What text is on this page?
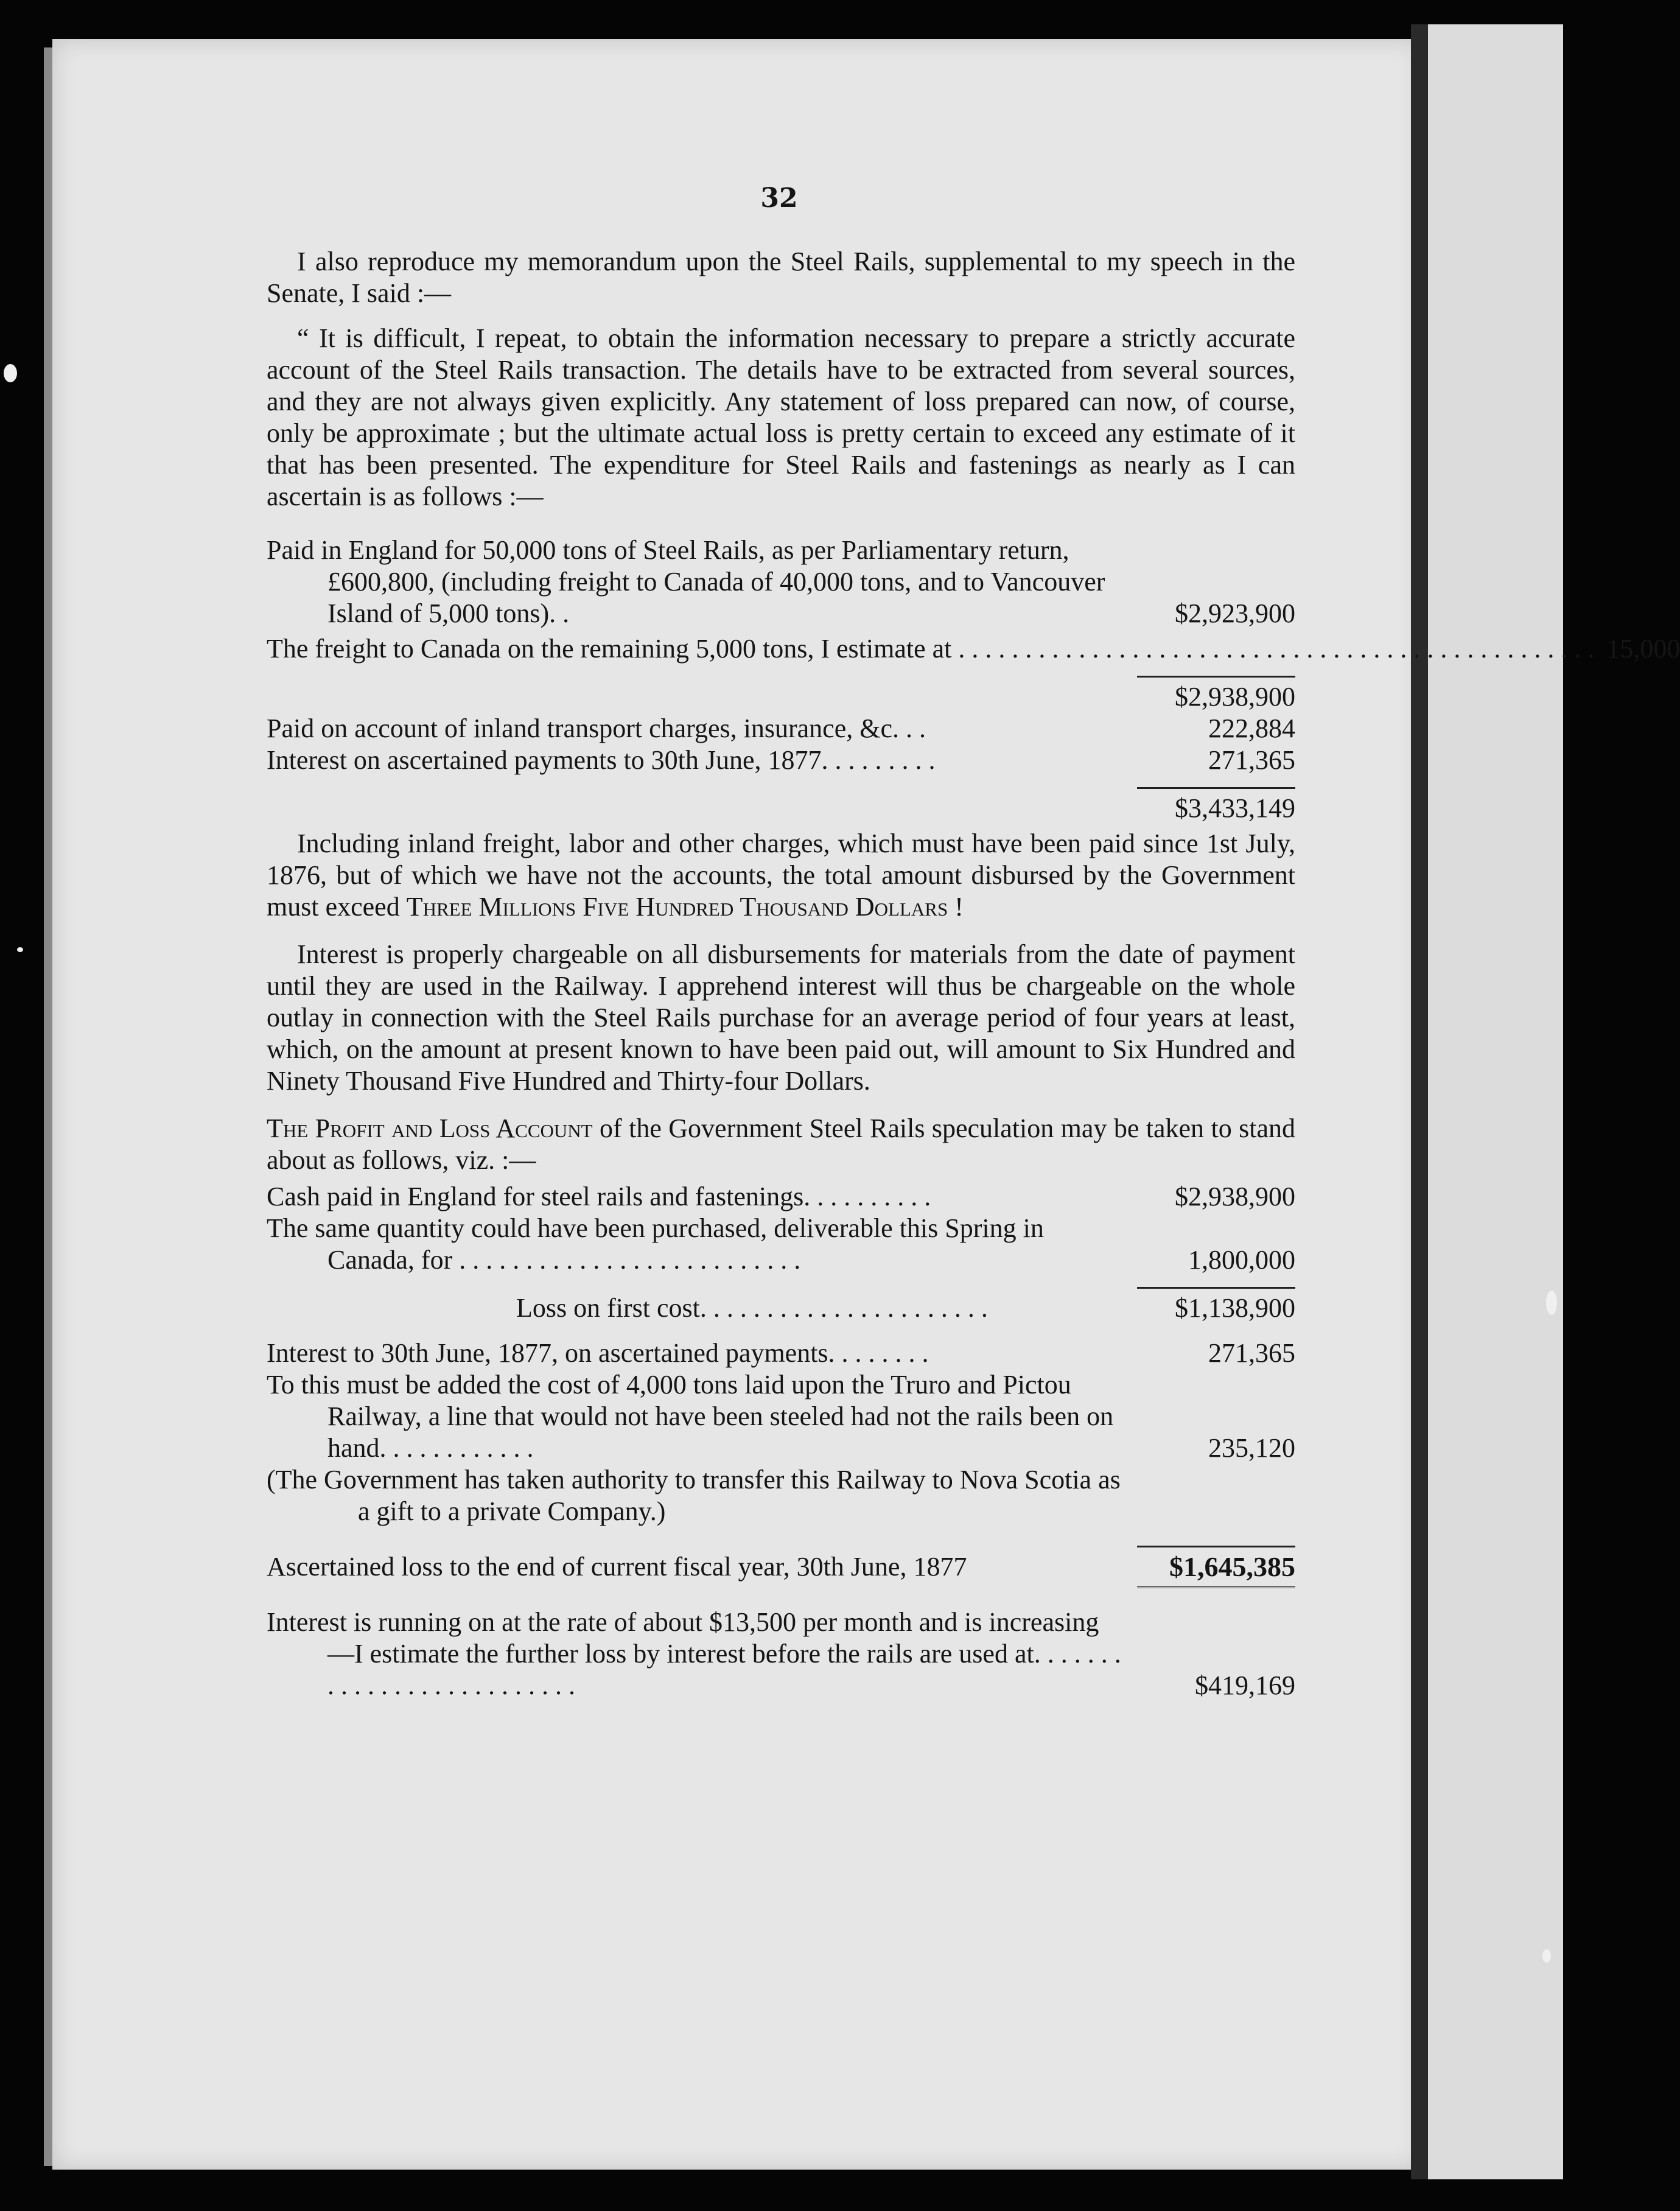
32

I also reproduce my memorandum upon the Steel Rails, supplemental to my speech in the Senate, I said :—

“ It is difficult, I repeat, to obtain the information necessary to prepare a strictly accurate account of the Steel Rails transaction. The details have to be extracted from several sources, and they are not always given explicitly. Any statement of loss prepared can now, of course, only be approximate ; but the ultimate actual loss is pretty certain to exceed any estimate of it that has been presented. The expenditure for Steel Rails and fastenings as nearly as I can ascertain is as follows :—

Paid in England for 50,000 tons of Steel Rails, as per Parliamentary return, £600,800, (including freight to Canada of 40,000 tons, and to Vancouver Island of 5,000 tons). .	$2,923,900
The freight to Canada on the remaining 5,000 tons, I estimate at . . . . . . . . . . . . . . . . . . . . . . . . . . . . . . . . . . . . . . . . . . . . . . . . 15,000
$2,938,900
Paid on account of inland transport charges, insurance, &c. . .	222,884
Interest on ascertained payments to 30th June, 1877. . . . . . . . .	271,365
$3,433,149

Including inland freight, labor and other charges, which must have been paid since 1st July, 1876, but of which we have not the accounts, the total amount disbursed by the Government must exceed Three Millions Five Hundred Thousand Dollars !

Interest is properly chargeable on all disbursements for materials from the date of payment until they are used in the Railway. I apprehend interest will thus be chargeable on the whole outlay in connection with the Steel Rails purchase for an average period of four years at least, which, on the amount at present known to have been paid out, will amount to Six Hundred and Ninety Thousand Five Hundred and Thirty-four Dollars.

The Profit and Loss Account of the Government Steel Rails speculation may be taken to stand about as follows, viz. :—

Cash paid in England for steel rails and fastenings. . . . . . . . . .	$2,938,900
The same quantity could have been purchased, deliverable this Spring in Canada, for . . . . . . . . . . . . . . . . . . . . . . . . . .	1,800,000
Loss on first cost. . . . . . . . . . . . . . . . . . . . . .	$1,138,900
Interest to 30th June, 1877, on ascertained payments. . . . . . . .	271,365
To this must be added the cost of 4,000 tons laid upon the Truro and Pictou Railway, a line that would not have been steeled had not the rails been on hand. . . . . . . . . . . .	235,120
(The Government has taken authority to transfer this Railway to Nova Scotia as a gift to a private Company.)
Ascertained loss to the end of current fiscal year, 30th June, 1877	$1,645,385
Interest is running on at the rate of about $13,500 per month and is increasing—I estimate the further loss by interest before the rails are used at. . . . . . . . . . . . . . . . . . . . . . . . . .	$419,169
